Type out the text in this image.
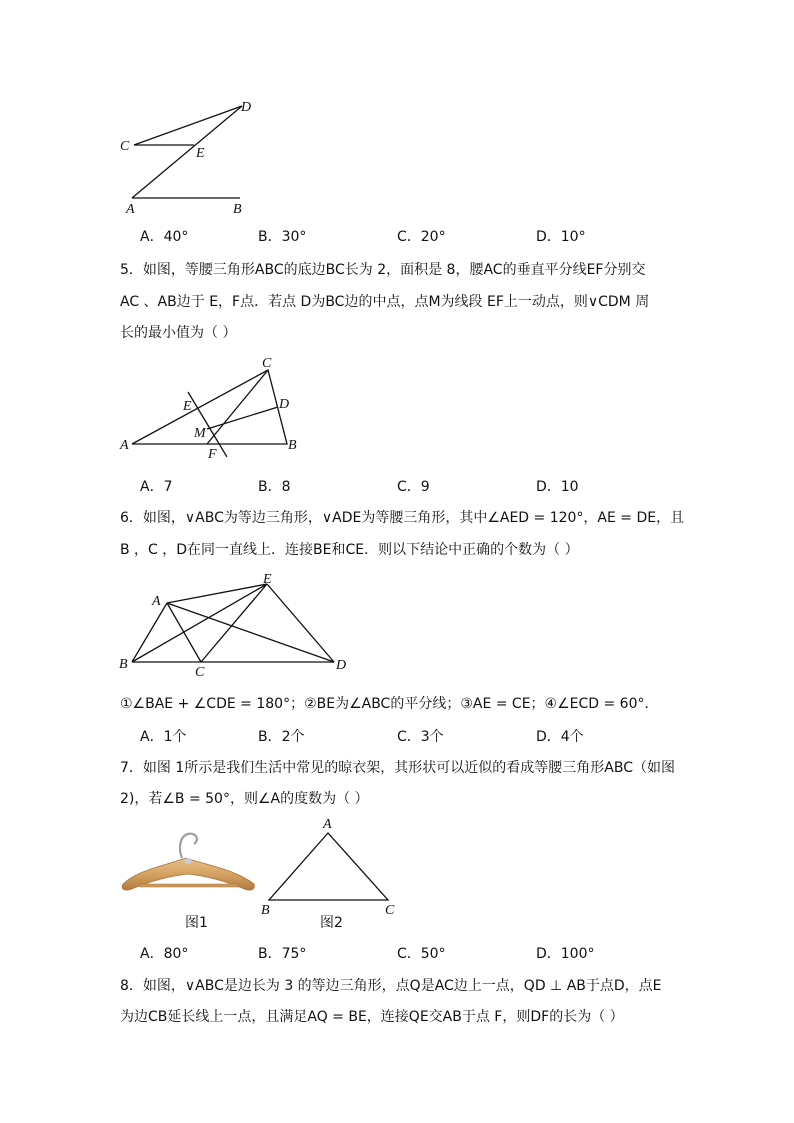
D
C	E
A	B
A．40°	B．30°	C．20°	D．10°
5．如图，等腰三角形ABC的底边BC长为 2，面积是 8，腰AC的垂直平分线EF分别交
AC 、AB边于 E，F点．若点 D为BC边的中点，点M为线段 EF上一动点，则∨CDM 周
长的最小值为（ ）
C
D
E
M
A	B
F
A．7	B．8	C．9	D．10
6．如图，∨ABC为等边三角形，∨ADE为等腰三角形，其中∠AED = 120°，AE = DE，且
B ，C ，D在同一直线上．连接BE和CE．则以下结论中正确的个数为（ ）
A
E
B
C	D
①∠BAE + ∠CDE = 180°；②BE为∠ABC的平分线；③AE = CE；④∠ECD = 60°．
A．1个	B．2个	C．3个	D．4个
7．如图 1所示是我们生活中常见的晾衣架，其形状可以近似的看成等腰三角形ABC（如图
2)，若∠B = 50°，则∠A的度数为（ ）
A
B	C
图1	图2
A．80°	B．75°	C．50°	D．100°
8．如图，∨ABC是边长为 3 的等边三角形，点Q是AC边上一点，QD ⊥ AB于点D，点E
为边CB延长线上一点，且满足AQ = BE，连接QE交AB于点 F，则DF的长为（ ）
